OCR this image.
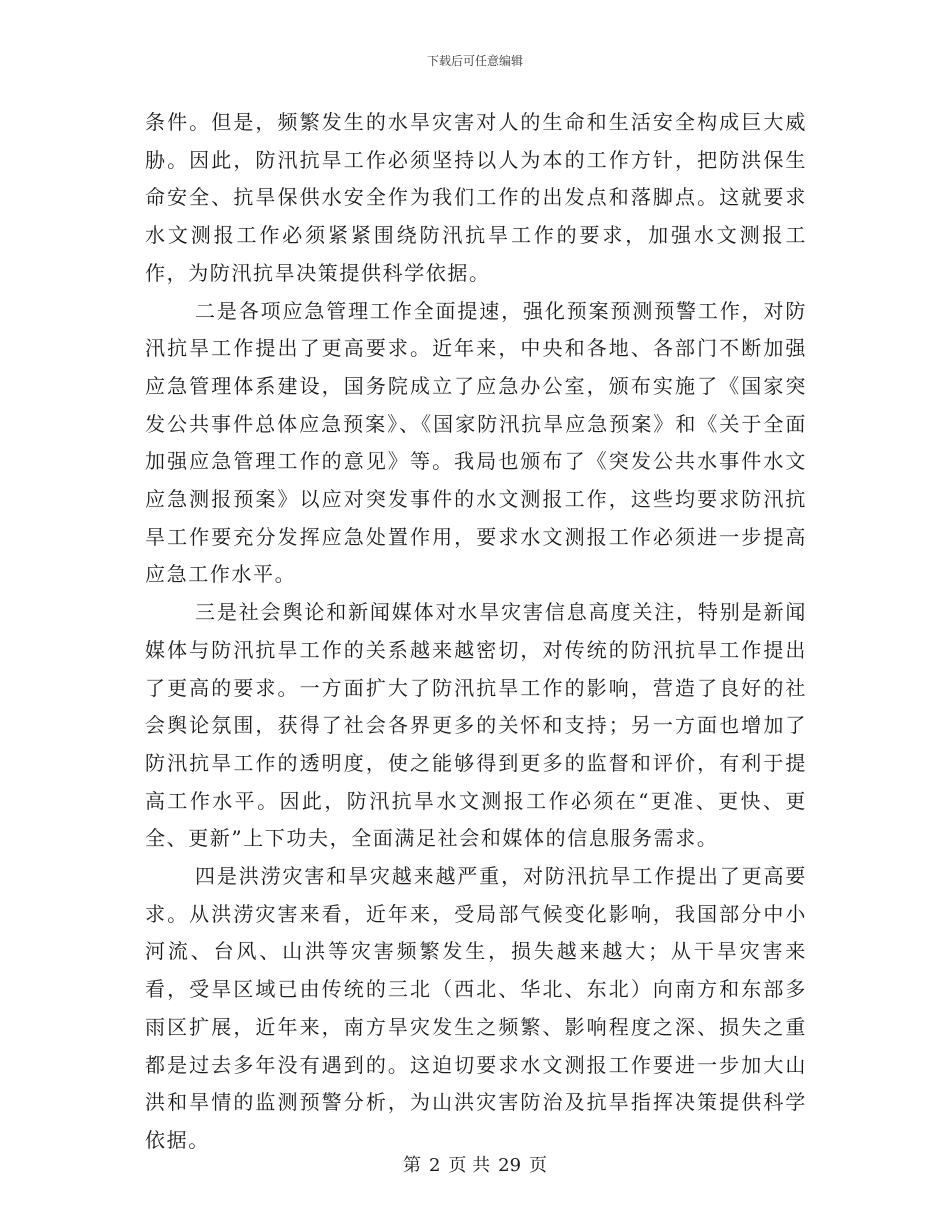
下载后可任意编辑

条件。但是，频繁发生的水旱灾害对人的生命和生活安全构成巨大威胁。因此，防汛抗旱工作必须坚持以人为本的工作方针，把防洪保生命安全、抗旱保供水安全作为我们工作的出发点和落脚点。这就要求水文测报工作必须紧紧围绕防汛抗旱工作的要求，加强水文测报工作，为防汛抗旱决策提供科学依据。

二是各项应急管理工作全面提速，强化预案预测预警工作，对防汛抗旱工作提出了更高要求。近年来，中央和各地、各部门不断加强应急管理体系建设，国务院成立了应急办公室，颁布实施了《国家突发公共事件总体应急预案》、《国家防汛抗旱应急预案》和《关于全面加强应急管理工作的意见》等。我局也颁布了《突发公共水事件水文应急测报预案》以应对突发事件的水文测报工作，这些均要求防汛抗旱工作要充分发挥应急处置作用，要求水文测报工作必须进一步提高应急工作水平。

三是社会舆论和新闻媒体对水旱灾害信息高度关注，特别是新闻媒体与防汛抗旱工作的关系越来越密切，对传统的防汛抗旱工作提出了更高的要求。一方面扩大了防汛抗旱工作的影响，营造了良好的社会舆论氛围，获得了社会各界更多的关怀和支持；另一方面也增加了防汛抗旱工作的透明度，使之能够得到更多的监督和评价，有利于提高工作水平。因此，防汛抗旱水文测报工作必须在“更准、更快、更全、更新”上下功夫，全面满足社会和媒体的信息服务需求。

四是洪涝灾害和旱灾越来越严重，对防汛抗旱工作提出了更高要求。从洪涝灾害来看，近年来，受局部气候变化影响，我国部分中小河流、台风、山洪等灾害频繁发生，损失越来越大；从干旱灾害来看，受旱区域已由传统的三北（西北、华北、东北）向南方和东部多雨区扩展，近年来，南方旱灾发生之频繁、影响程度之深、损失之重都是过去多年没有遇到的。这迫切要求水文测报工作要进一步加大山洪和旱情的监测预警分析，为山洪灾害防治及抗旱指挥决策提供科学依据。

第 2 页 共 29 页
